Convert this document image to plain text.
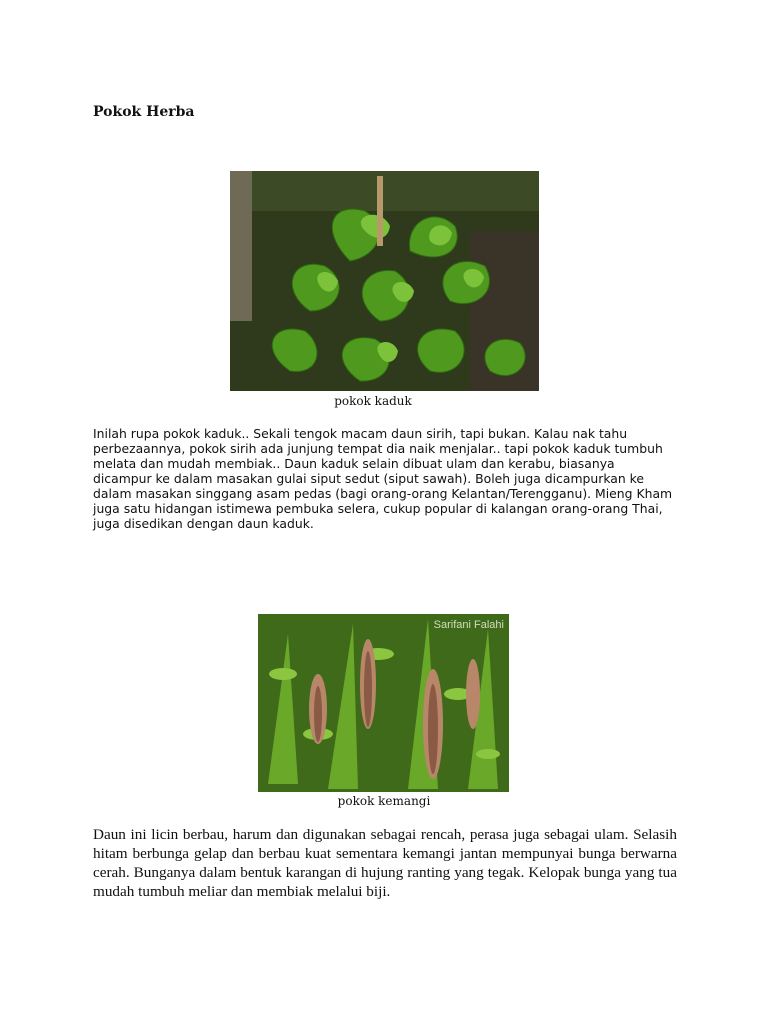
Pokok Herba
pokok kaduk

Inilah rupa pokok kaduk.. Sekali tengok macam daun sirih, tapi bukan. Kalau nak tahu perbezaannya, pokok sirih ada junjung tempat dia naik menjalar.. tapi pokok kaduk tumbuh melata dan mudah membiak.. Daun kaduk selain dibuat ulam dan kerabu, biasanya dicampur ke dalam masakan gulai siput sedut (siput sawah). Boleh juga dicampurkan ke dalam masakan singgang asam pedas (bagi orang-orang Kelantan/Terengganu). Mieng Kham juga satu hidangan istimewa pembuka selera, cukup popular di kalangan orang-orang Thai, juga disedikan dengan daun kaduk.

Sarifani Falahi
pokok kemangi

Daun ini licin berbau, harum dan digunakan sebagai rencah, perasa juga sebagai ulam. Selasih hitam berbunga gelap dan berbau kuat sementara kemangi jantan mempunyai bunga berwarna cerah. Bunganya dalam bentuk karangan di hujung ranting yang tegak. Kelopak bunga yang tua mudah tumbuh meliar dan membiak melalui biji.
